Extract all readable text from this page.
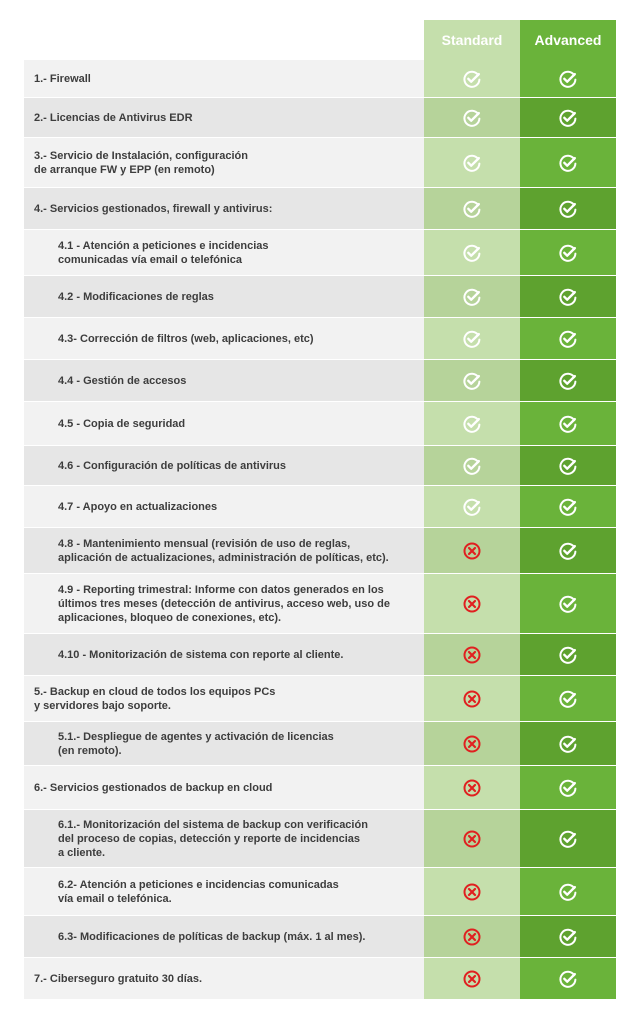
Standard	Advanced
1.- Firewall
2.- Licencias de Antivirus EDR
3.- Servicio de Instalación, configuración
de arranque FW y EPP (en remoto)
4.- Servicios gestionados, firewall y antivirus:
4.1 - Atención a peticiones e incidencias
comunicadas vía email o telefónica
4.2 - Modificaciones de reglas
4.3- Corrección de filtros (web, aplicaciones, etc)
4.4 - Gestión de accesos
4.5 - Copia de seguridad
4.6 - Configuración de políticas de antivirus
4.7 - Apoyo en actualizaciones
4.8 - Mantenimiento mensual (revisión de uso de reglas,
aplicación de actualizaciones, administración de políticas, etc).
4.9 - Reporting trimestral: Informe con datos generados en los
últimos tres meses (detección de antivirus, acceso web, uso de
aplicaciones, bloqueo de conexiones, etc).
4.10 - Monitorización de sistema con reporte al cliente.
5.- Backup en cloud de todos los equipos PCs
y servidores bajo soporte.
5.1.- Despliegue de agentes y activación de licencias
(en remoto).
6.- Servicios gestionados de backup en cloud
6.1.- Monitorización del sistema de backup con verificación
del proceso de copias, detección y reporte de incidencias
a cliente.
6.2- Atención a peticiones e incidencias comunicadas
vía email o telefónica.
6.3- Modificaciones de políticas de backup (máx. 1 al mes).
7.- Ciberseguro gratuito 30 días.
